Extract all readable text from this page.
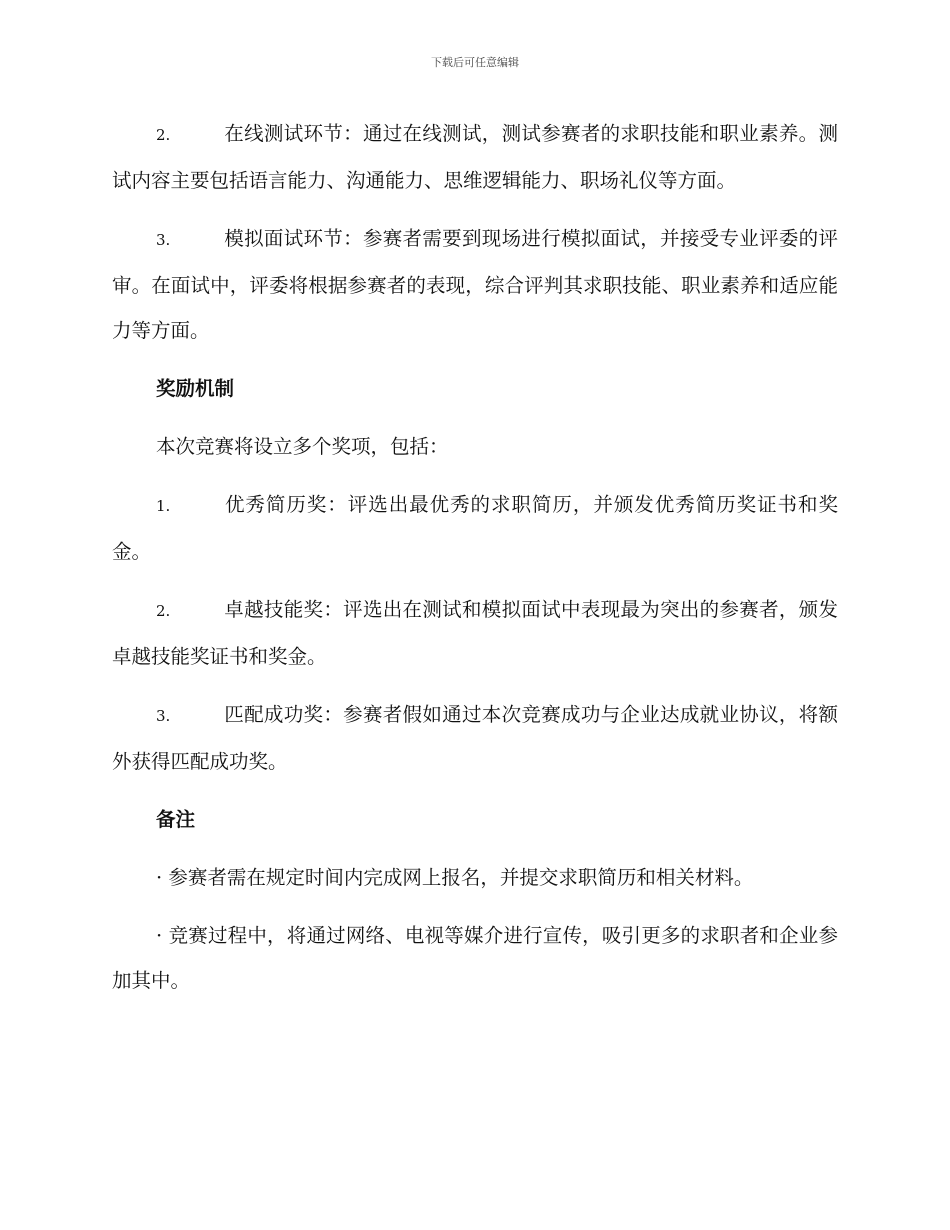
下载后可任意编辑

2.	在线测试环节：通过在线测试，测试参赛者的求职技能和职业素养。测试内容主要包括语言能力、沟通能力、思维逻辑能力、职场礼仪等方面。

3.	模拟面试环节：参赛者需要到现场进行模拟面试，并接受专业评委的评审。在面试中，评委将根据参赛者的表现，综合评判其求职技能、职业素养和适应能力等方面。

奖励机制

本次竞赛将设立多个奖项，包括：

1.	优秀简历奖：评选出最优秀的求职简历，并颁发优秀简历奖证书和奖金。

2.	卓越技能奖：评选出在测试和模拟面试中表现最为突出的参赛者，颁发卓越技能奖证书和奖金。

3.	匹配成功奖：参赛者假如通过本次竞赛成功与企业达成就业协议，将额外获得匹配成功奖。

备注

· 参赛者需在规定时间内完成网上报名，并提交求职简历和相关材料。

· 竞赛过程中，将通过网络、电视等媒介进行宣传，吸引更多的求职者和企业参加其中。
